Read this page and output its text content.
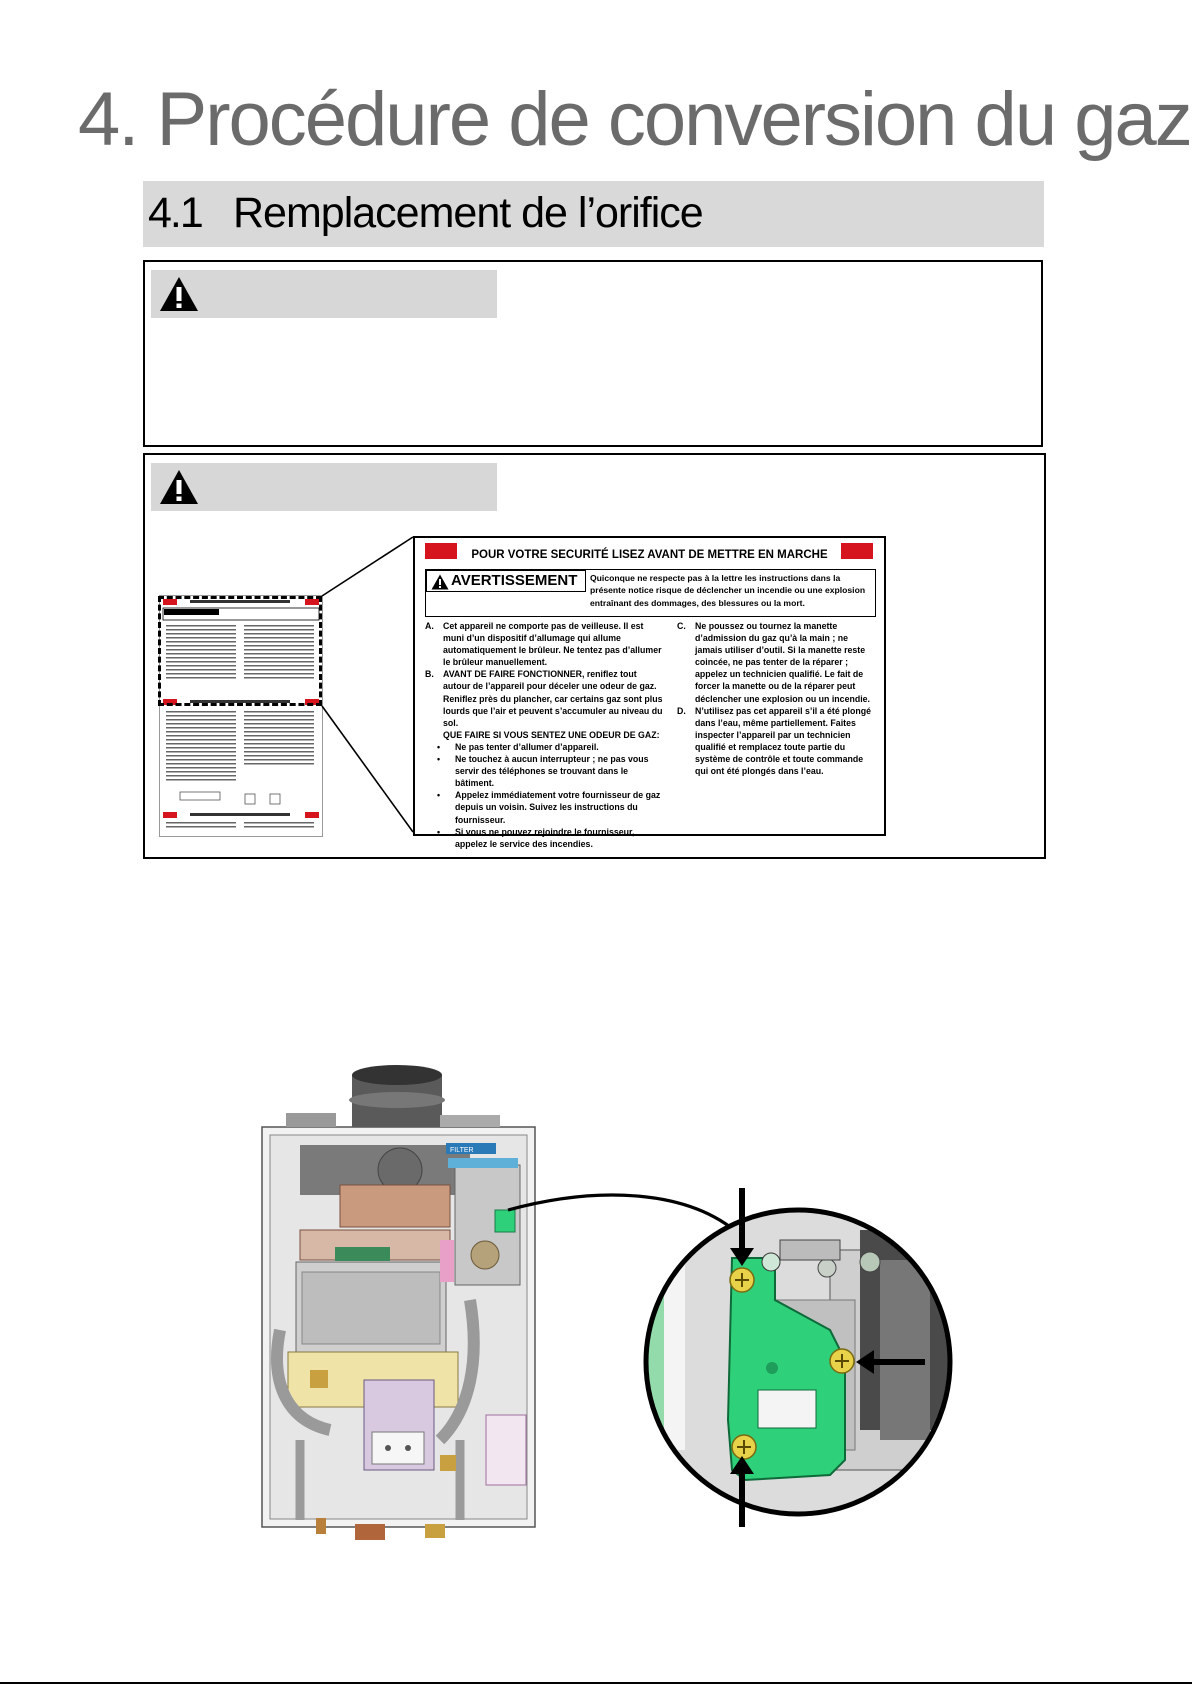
4. Procédure de conversion du gaz
4.1 Remplacement de l’orifice
POUR VOTRE SECURITÉ LISEZ AVANT DE METTRE EN MARCHE
AVERTISSEMENT	Quiconque ne respecte pas à la lettre les instructions dans la présente notice risque de déclencher un incendie ou une explosion entraînant des dommages, des blessures ou la mort.

A. Cet appareil ne comporte pas de veilleuse. Il est muni d’un dispositif d’allumage qui allume automatiquement le brûleur. Ne tentez pas d’allumer le brûleur manuellement.

B. AVANT DE FAIRE FONCTIONNER, reniflez tout autour de l’appareil pour déceler une odeur de gaz. Reniflez près du plancher, car certains gaz sont plus lourds que l’air et peuvent s’accumuler au niveau du sol.

QUE FAIRE SI VOUS SENTEZ UNE ODEUR DE GAZ:

• Ne pas tenter d’allumer d’appareil.

• Ne touchez à aucun interrupteur ; ne pas vous servir des téléphones se trouvant dans le bâtiment.

• Appelez immédiatement votre fournisseur de gaz depuis un voisin. Suivez les instructions du fournisseur.

• Si vous ne pouvez rejoindre le fournisseur, appelez le service des incendies.

C. Ne poussez ou tournez la manette d’admission du gaz qu’à la main ; ne jamais utiliser d’outil. Si la manette reste coincée, ne pas tenter de la réparer ; appelez un technicien qualifié. Le fait de forcer la manette ou de la réparer peut déclencher une explosion ou un incendie.

D. N’utilisez pas cet appareil s’il a été plongé dans l’eau, même partiellement. Faites inspecter l’appareil par un technicien qualifié et remplacez toute partie du système de contrôle et toute commande qui ont été plongés dans l’eau.

FILTER
